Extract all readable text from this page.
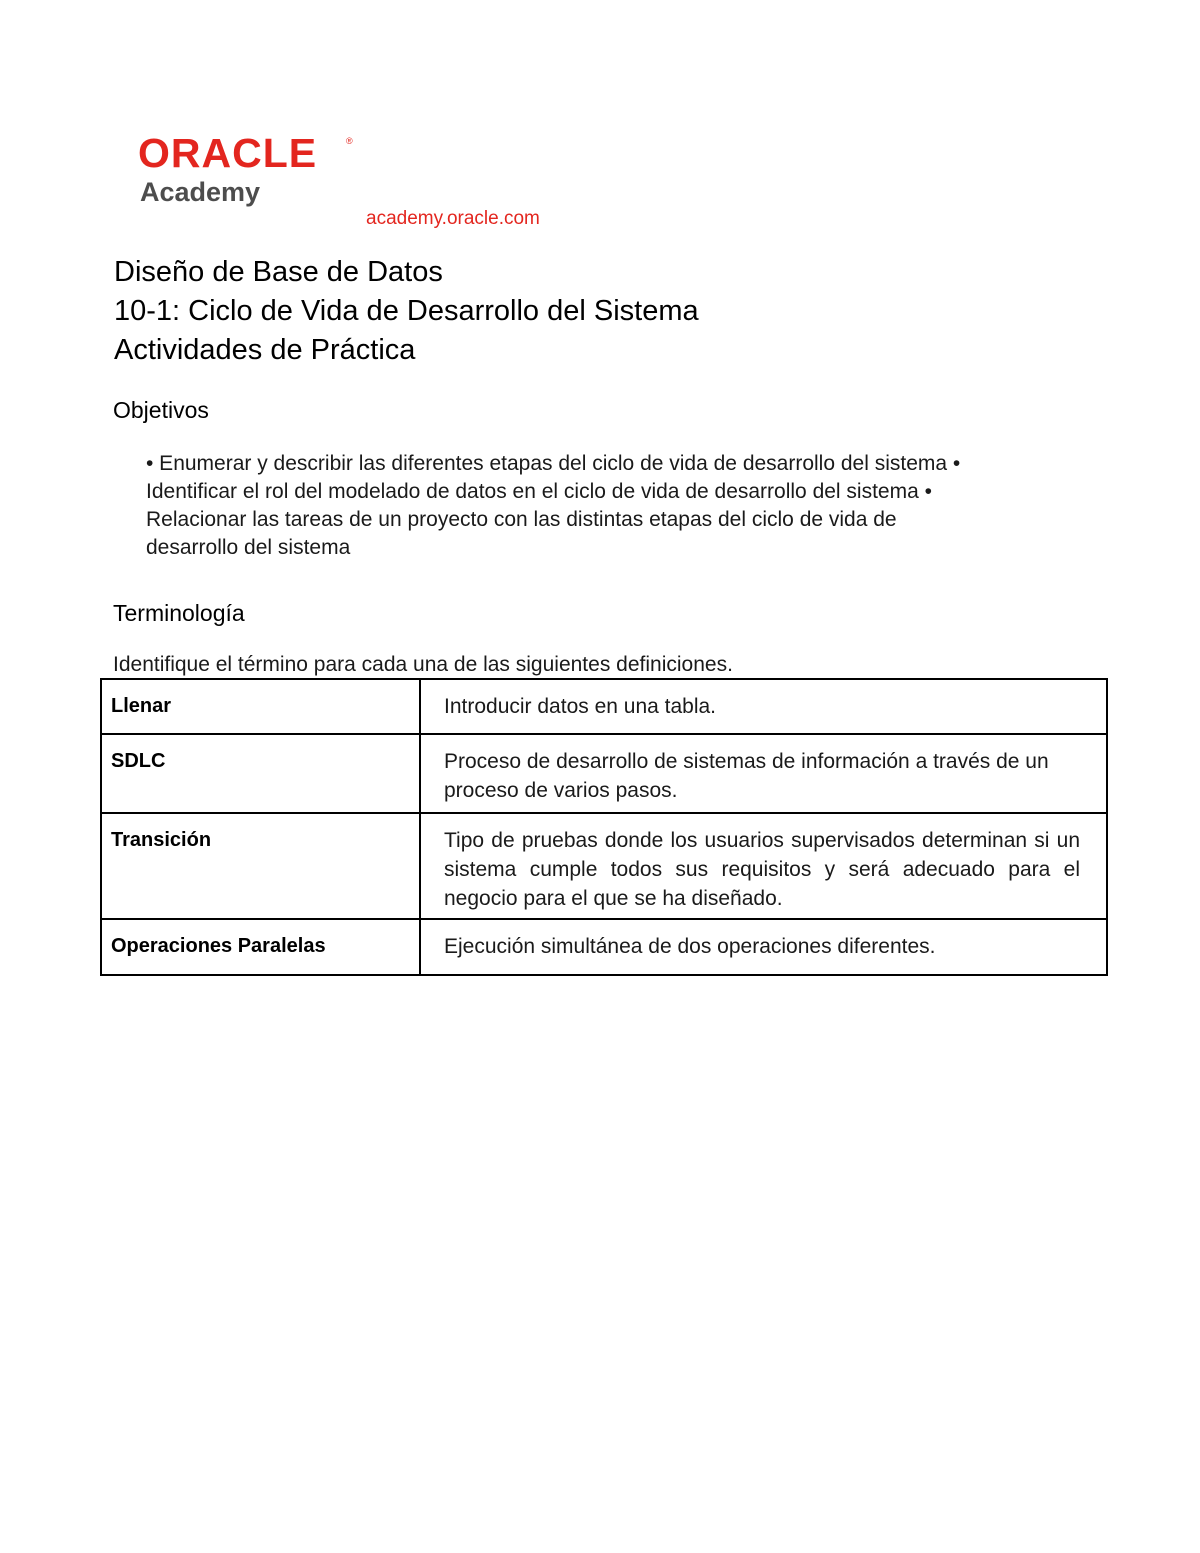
ORACLE	®
Academy
academy.oracle.com
Diseño de Base de Datos
10-1: Ciclo de Vida de Desarrollo del Sistema
Actividades de Práctica
Objetivos
• Enumerar y describir las diferentes etapas del ciclo de vida de desarrollo del sistema •
Identificar el rol del modelado de datos en el ciclo de vida de desarrollo del sistema •
Relacionar las tareas de un proyecto con las distintas etapas del ciclo de vida de
desarrollo del sistema
Terminología
Identifique el término para cada una de las siguientes definiciones.
Llenar	Introducir datos en una tabla.
SDLC	Proceso de desarrollo de sistemas de información a través de un proceso de varios pasos.
Transición	Tipo de pruebas donde los usuarios supervisados determinan si un sistema cumple todos sus requisitos y será adecuado para el negocio para el que se ha diseñado.
Operaciones Paralelas	Ejecución simultánea de dos operaciones diferentes.
